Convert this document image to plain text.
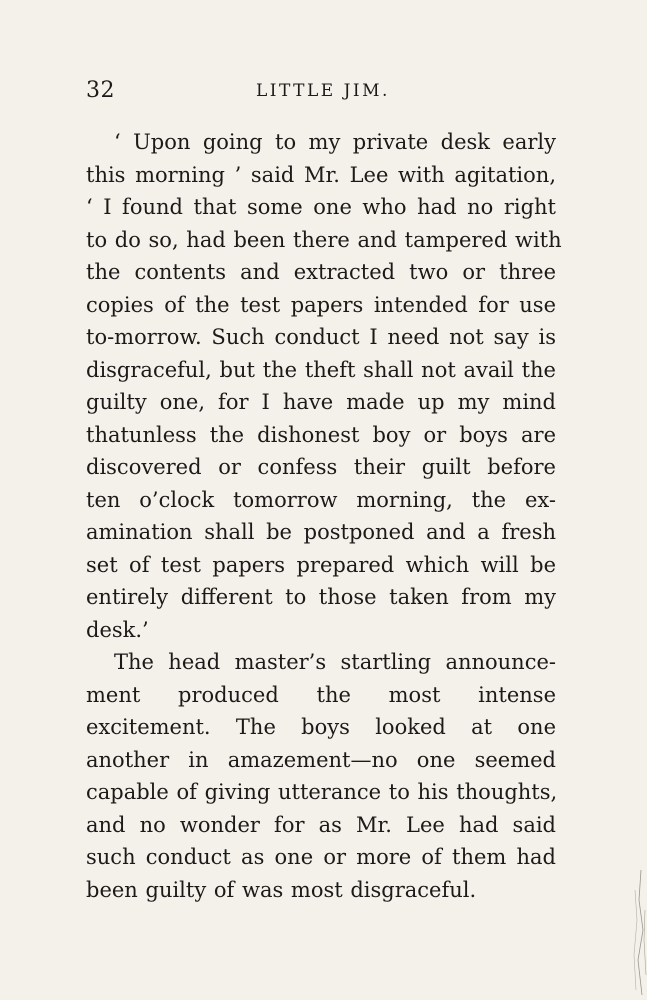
32	LITTLE JIM.

‘ Upon going to my private desk early
this morning ’ said Mr. Lee with agitation,
‘ I found that some one who had no right
to do so, had been there and tampered with
the contents and extracted two or three
copies of the test papers intended for use
to-morrow. Such conduct I need not say is
disgraceful, but the theft shall not avail the
guilty one, for I have made up my mind
thatunless the dishonest boy or boys are
discovered or confess their guilt before
ten o’clock tomorrow morning, the ex-
amination shall be postponed and a fresh
set of test papers prepared which will be
entirely different to those taken from my
desk.’

The head master’s startling announce-
ment produced the most intense
excitement. The boys looked at one
another in amazement—no one seemed
capable of giving utterance to his thoughts,
and no wonder for as Mr. Lee had said
such conduct as one or more of them had
been guilty of was most disgraceful.
